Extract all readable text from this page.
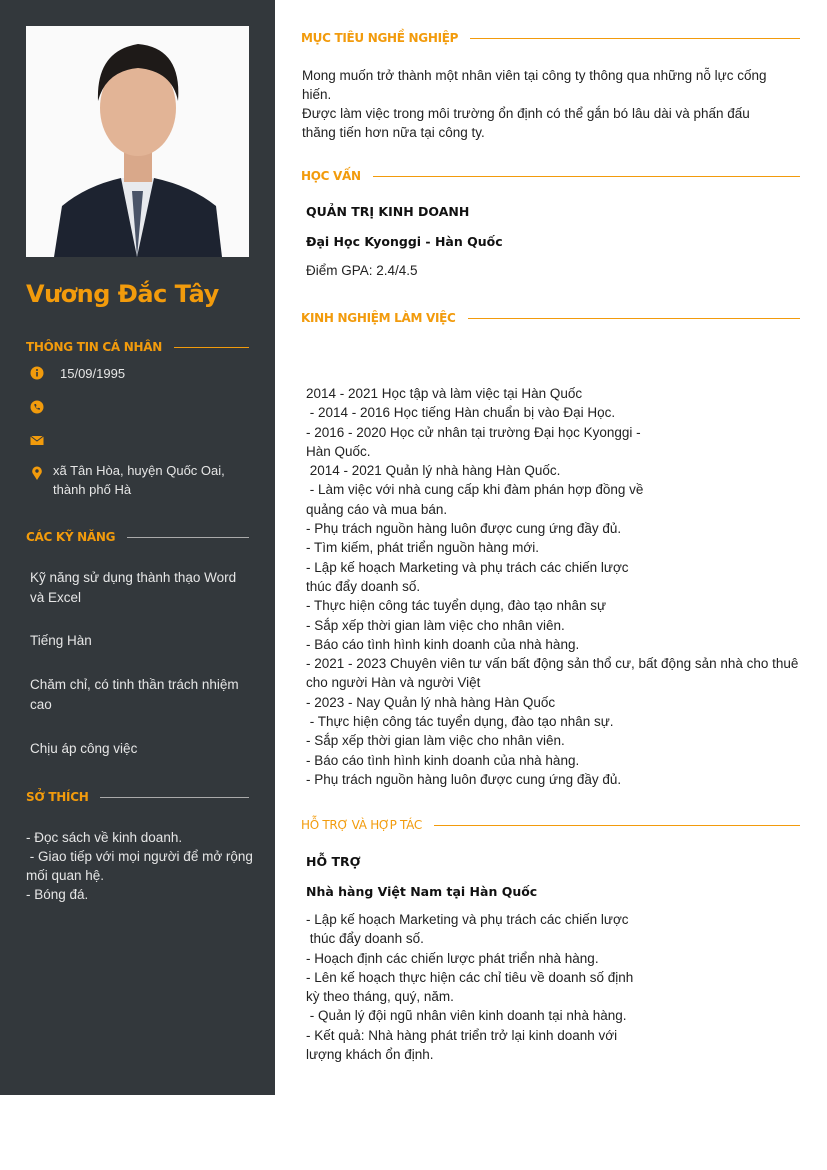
Vương Đắc Tây
THÔNG TIN CÁ NHÂN
15/09/1995
xã Tân Hòa, huyện Quốc Oai, thành phố Hà
CÁC KỸ NĂNG
Kỹ năng sử dụng thành thạo Word và Excel
Tiếng Hàn
Chăm chỉ, có tinh thần trách nhiệm cao
Chịu áp công việc
SỞ THÍCH
- Đọc sách về kinh doanh.
- Giao tiếp với mọi người để mở rộng mối quan hệ.
- Bóng đá.
MỤC TIÊU NGHỀ NGHIỆP
Mong muốn trở thành một nhân viên tại công ty thông qua những nỗ lực cống hiến.
Được làm việc trong môi trường ổn định có thể gắn bó lâu dài và phấn đấu thăng tiến hơn nữa tại công ty.
HỌC VẤN
QUẢN TRỊ KINH DOANH
Đại Học Kyonggi - Hàn Quốc
Điểm GPA: 2.4/4.5
KINH NGHIỆM LÀM VIỆC
2014 - 2021 Học tập và làm việc tại Hàn Quốc
- 2014 - 2016 Học tiếng Hàn chuẩn bị vào Đại Học.
- 2016 - 2020 Học cử nhân tại trường Đại học Kyonggi -
Hàn Quốc.
2014 - 2021 Quản lý nhà hàng Hàn Quốc.
- Làm việc với nhà cung cấp khi đàm phán hợp đồng về
quảng cáo và mua bán.
- Phụ trách nguồn hàng luôn được cung ứng đầy đủ.
- Tìm kiếm, phát triển nguồn hàng mới.
- Lập kế hoạch Marketing và phụ trách các chiến lược
thúc đẩy doanh số.
- Thực hiện công tác tuyển dụng, đào tạo nhân sự
- Sắp xếp thời gian làm việc cho nhân viên.
- Báo cáo tình hình kinh doanh của nhà hàng.
- 2021 - 2023 Chuyên viên tư vấn bất động sản thổ cư, bất động sản nhà cho thuê
cho người Hàn và người Việt
- 2023 - Nay Quản lý nhà hàng Hàn Quốc
- Thực hiện công tác tuyển dụng, đào tạo nhân sự.
- Sắp xếp thời gian làm việc cho nhân viên.
- Báo cáo tình hình kinh doanh của nhà hàng.
- Phụ trách nguồn hàng luôn được cung ứng đầy đủ.
HỖ TRỢ VÀ HỢP TÁC
HỖ TRỢ
Nhà hàng Việt Nam tại Hàn Quốc
- Lập kế hoạch Marketing và phụ trách các chiến lược
thúc đẩy doanh số.
- Hoạch định các chiến lược phát triển nhà hàng.
- Lên kế hoạch thực hiện các chỉ tiêu về doanh số định
kỳ theo tháng, quý, năm.
- Quản lý đội ngũ nhân viên kinh doanh tại nhà hàng.
- Kết quả: Nhà hàng phát triển trở lại kinh doanh với
lượng khách ổn định.
